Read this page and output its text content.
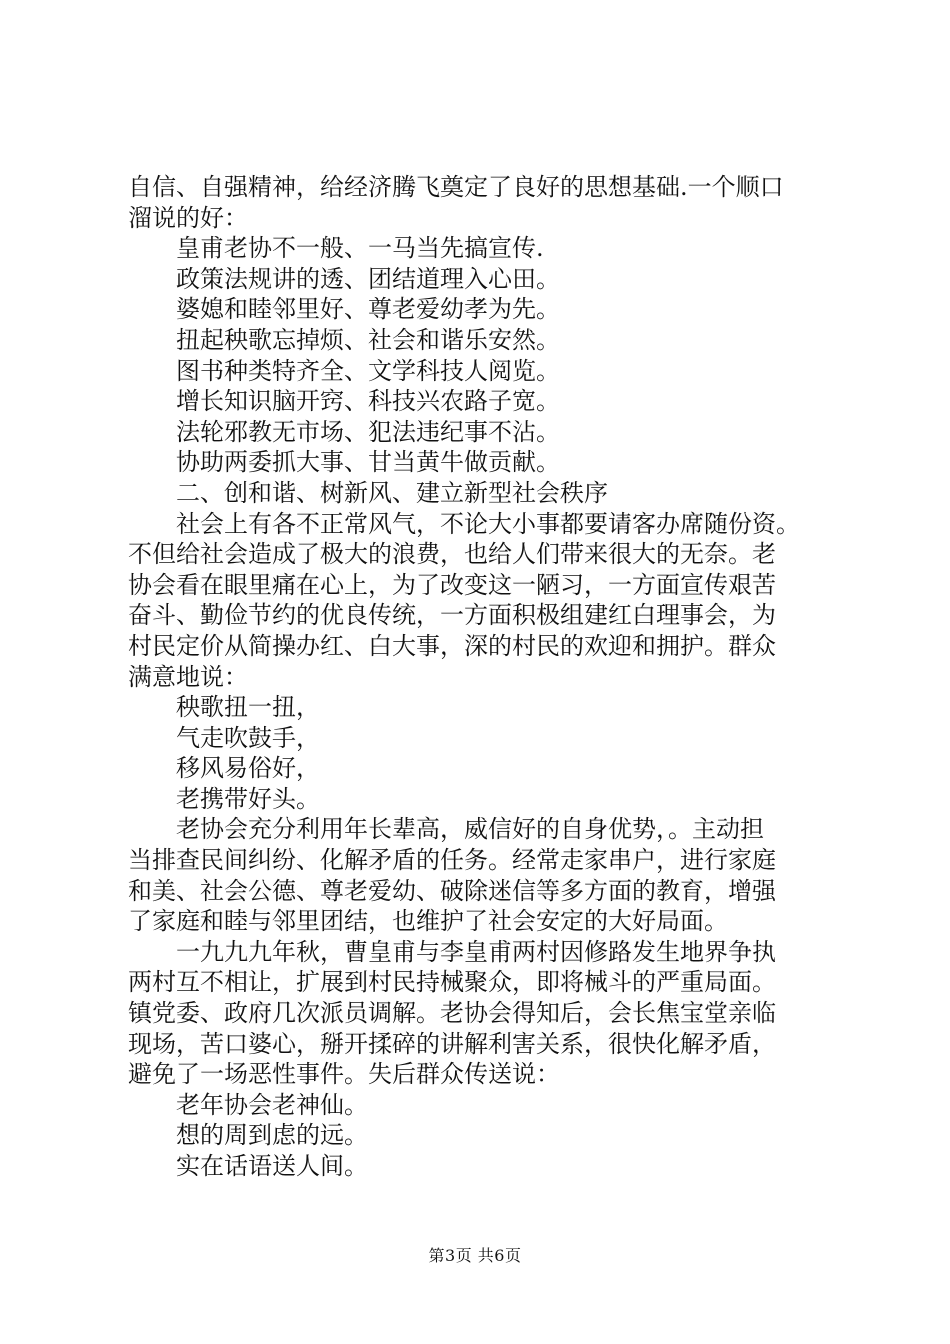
自信、自强精神，给经济腾飞奠定了良好的思想基础.一个顺口
溜说的好：
皇甫老协不一般、一马当先搞宣传.
政策法规讲的透、团结道理入心田。
婆媳和睦邻里好、尊老爱幼孝为先。
扭起秧歌忘掉烦、社会和谐乐安然。
图书种类特齐全、文学科技人阅览。
增长知识脑开窍、科技兴农路子宽。
法轮邪教无市场、犯法违纪事不沾。
协助两委抓大事、甘当黄牛做贡献。
二、创和谐、树新风、建立新型社会秩序
社会上有各不正常风气，不论大小事都要请客办席随份资。
不但给社会造成了极大的浪费，也给人们带来很大的无奈。老
协会看在眼里痛在心上，为了改变这一陋习，一方面宣传艰苦
奋斗、勤俭节约的优良传统，一方面积极组建红白理事会，为
村民定价从简操办红、白大事，深的村民的欢迎和拥护。群众
满意地说：
秧歌扭一扭，
气走吹鼓手，
移风易俗好，
老携带好头。
老协会充分利用年长辈高，威信好的自身优势，。主动担
当排查民间纠纷、化解矛盾的任务。经常走家串户，进行家庭
和美、社会公德、尊老爱幼、破除迷信等多方面的教育，增强
了家庭和睦与邻里团结，也维护了社会安定的大好局面。
一九九九年秋，曹皇甫与李皇甫两村因修路发生地界争执
两村互不相让，扩展到村民持械聚众，即将械斗的严重局面。
镇党委、政府几次派员调解。老协会得知后，会长焦宝堂亲临
现场，苦口婆心，掰开揉碎的讲解利害关系，很快化解矛盾，
避免了一场恶性事件。失后群众传送说：
老年协会老神仙。
想的周到虑的远。
实在话语送人间。
第3页 共6页
